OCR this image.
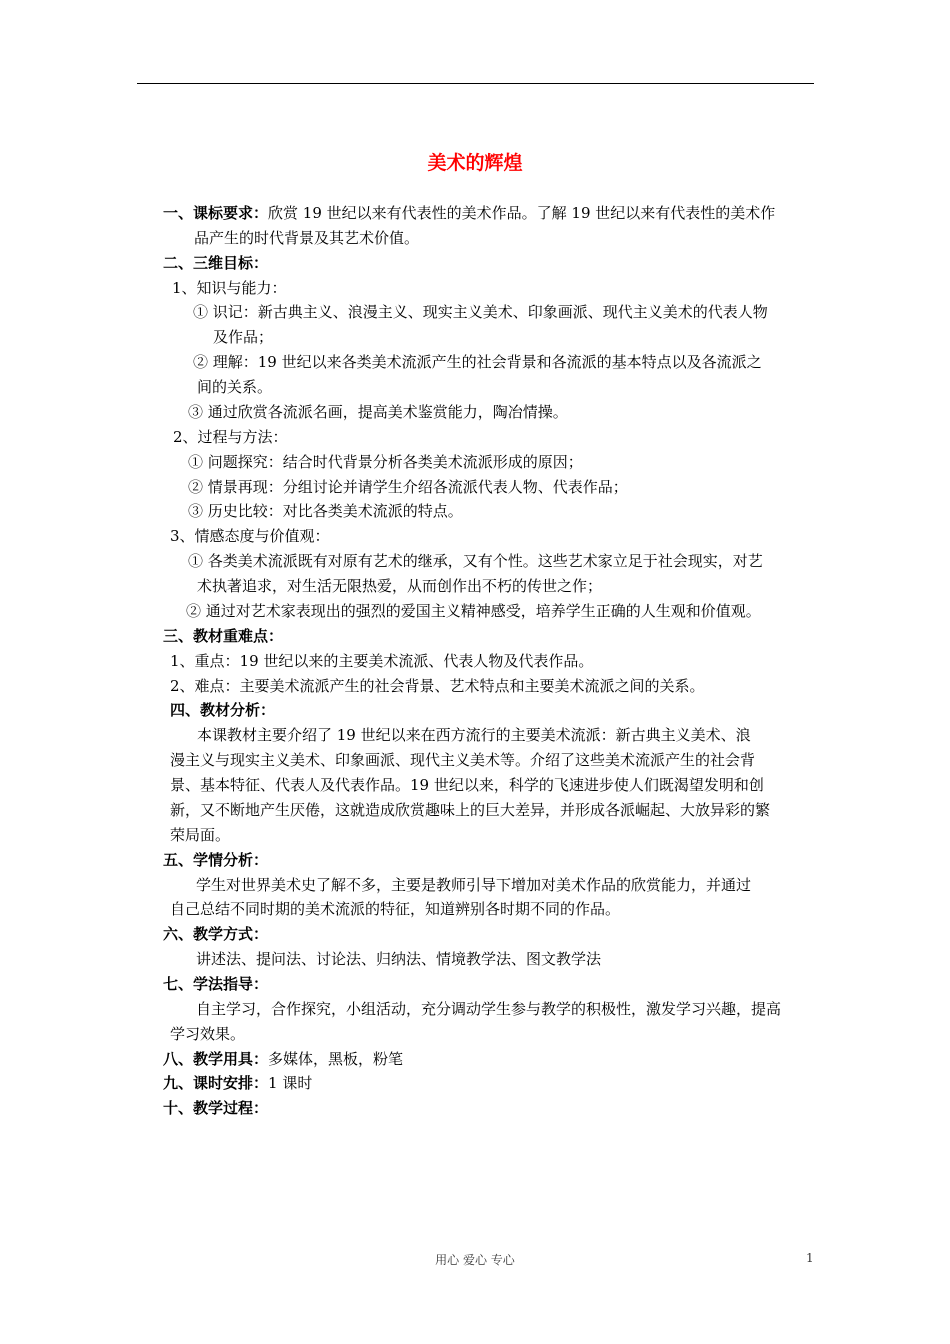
美术的辉煌
一、课标要求：欣赏 19 世纪以来有代表性的美术作品。了解 19 世纪以来有代表性的美术作
品产生的时代背景及其艺术价值。
二、三维目标：
1、知识与能力：
① 识记：新古典主义、浪漫主义、现实主义美术、印象画派、现代主义美术的代表人物
及作品；
② 理解：19 世纪以来各类美术流派产生的社会背景和各流派的基本特点以及各流派之
间的关系。
③ 通过欣赏各流派名画，提高美术鉴赏能力，陶冶情操。
2、过程与方法：
① 问题探究：结合时代背景分析各类美术流派形成的原因；
② 情景再现：分组讨论并请学生介绍各流派代表人物、代表作品；
③ 历史比较：对比各类美术流派的特点。
3、情感态度与价值观：
① 各类美术流派既有对原有艺术的继承，又有个性。这些艺术家立足于社会现实，对艺
术执著追求，对生活无限热爱，从而创作出不朽的传世之作；
② 通过对艺术家表现出的强烈的爱国主义精神感受，培养学生正确的人生观和价值观。
三、教材重难点：
1、重点：19 世纪以来的主要美术流派、代表人物及代表作品。
2、难点：主要美术流派产生的社会背景、艺术特点和主要美术流派之间的关系。
四、教材分析：
本课教材主要介绍了 19 世纪以来在西方流行的主要美术流派：新古典主义美术、浪
漫主义与现实主义美术、印象画派、现代主义美术等。介绍了这些美术流派产生的社会背
景、基本特征、代表人及代表作品。19 世纪以来，科学的飞速进步使人们既渴望发明和创
新，又不断地产生厌倦，这就造成欣赏趣味上的巨大差异，并形成各派崛起、大放异彩的繁
荣局面。
五、学情分析：
学生对世界美术史了解不多，主要是教师引导下增加对美术作品的欣赏能力，并通过
自己总结不同时期的美术流派的特征，知道辨别各时期不同的作品。
六、教学方式：
讲述法、提问法、讨论法、归纳法、情境教学法、图文教学法
七、学法指导：
自主学习，合作探究，小组活动，充分调动学生参与教学的积极性，激发学习兴趣，提高
学习效果。
八、教学用具：多媒体，黑板，粉笔
九、课时安排：1 课时
十、教学过程：
用心 爱心 专心	1
